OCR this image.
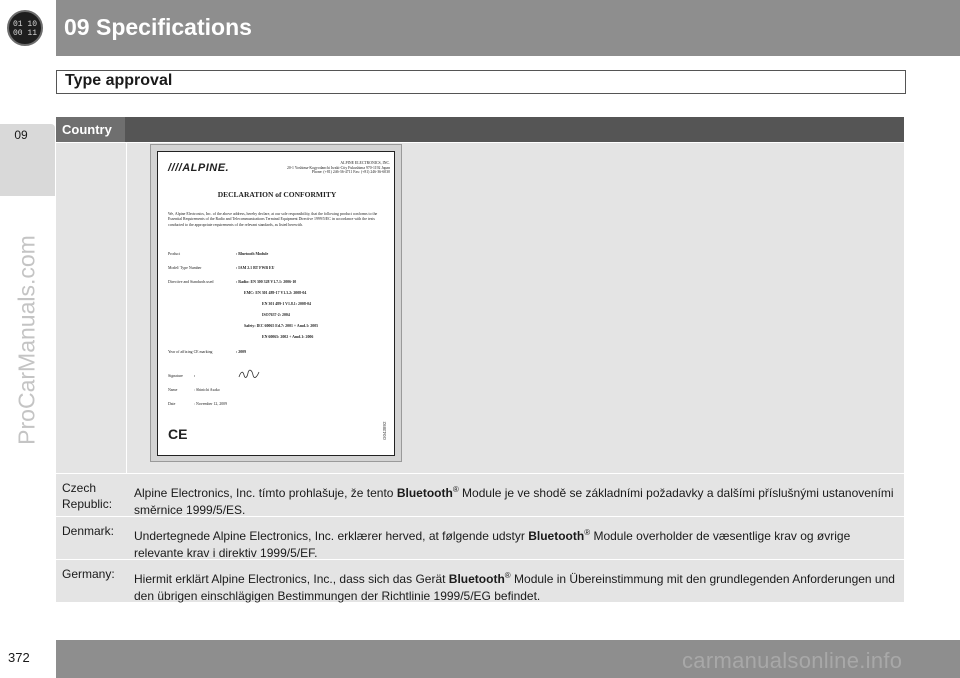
09 Specifications
01 10
00 11
09
ProCarManuals.com
Type approval
Country
////ALPINE.	ALPINE ELECTRONICS, INC.
20-1 Yoshima-Kogyodanchi Iwaki-City Fukushima 970-1192 Japan
Phone: (+81) 246-36-4711 Fax: (+81) 246-36-6030
DECLARATION of CONFORMITY
We, Alpine Electronics, Inc. of the above address, hereby declare, at our sole responsibility, that the following product conforms to the Essential Requirements of the Radio and Telecommunications Terminal Equipment Directive 1999/5/EC in accordance with the tests conducted to the appropriate requirements of the relevant standards, as listed herewith.
Product	: Bluetooth Module
Model/ Type Number	: IAM 2.1 BT FWB EU
Directive and Standards used	: Radio: EN 300 328 V1.7.1: 2006-10
EMC: EN 301 489-17 V1.3.2: 2008-04
EN 301 489-1 V1.8.1: 2008-04
ISO7637-2: 2004
Safety: IEC 60065 Ed.7: 2001 + Amd.1: 2005
EN 60065: 2002 + Amd.1: 2006
Year of affixing CE marking	: 2009
Signature	:
Name	: Shinichi Asako
Date	: November 12, 2009
CE	G043892
Czech Republic:
Alpine Electronics, Inc. tímto prohlašuje, že tento Bluetooth® Module je ve shodě se základními požadavky a dalšími příslušnými ustanoveními směrnice 1999/5/ES.
Denmark:	Undertegnede Alpine Electronics, Inc. erklærer herved, at følgende udstyr Bluetooth® Module overholder de væsentlige krav og øvrige relevante krav i direktiv 1999/5/EF.
Germany:	Hiermit erklärt Alpine Electronics, Inc., dass sich das Gerät Bluetooth® Module in Übereinstimmung mit den grundlegenden Anforderungen und den übrigen einschlägigen Bestimmungen der Richtlinie 1999/5/EG befindet.
372	carmanualsonline.info
